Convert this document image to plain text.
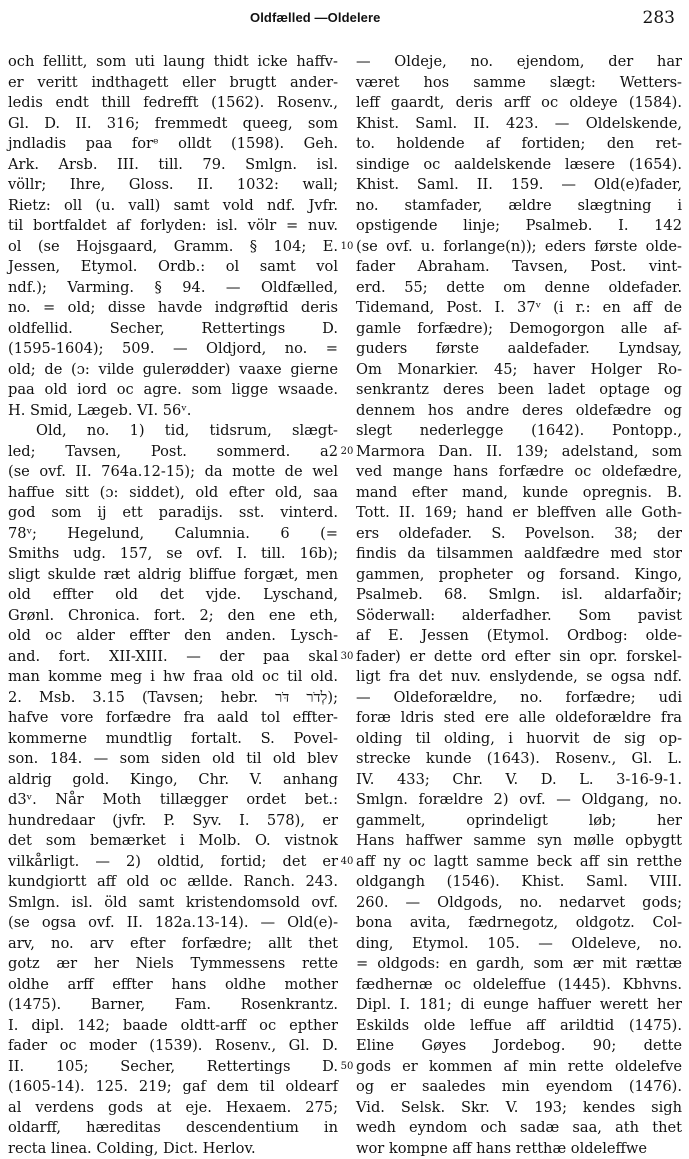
Oldfælled —Oldelere	283
och fellitt, som uti laung thidt icke haffv-
er veritt indthagett eller brugtt ander-
ledis endt thill fedrefft (1562). Rosenv.,
Gl. D. II. 316; fremmedt queeg, som
jndladis paa forᵉ olldt (1598). Geh.
Ark. Arsb. III. till. 79. Smlgn. isl.
völlr; Ihre, Gloss. II. 1032: wall;
Rietz: oll (u. vall) samt vold ndf. Jvfr.
til bortfaldet af forlyden: isl. völr = nuv.
ol (se Hojsgaard, Gramm. § 104; E.
Jessen, Etymol. Ordb.: ol samt vol
ndf.); Varming. § 94. — Oldfælled,
no. = old; disse havde indgrøftid deris
oldfellid. Secher, Rettertings D.
(1595-1604); 509. — Oldjord, no. =
old; de (ɔ: vilde gulerødder) vaaxe gierne
paa old iord oc agre. som ligge wsaade.
H. Smid, Lægeb. VI. 56ᵛ.
Old, no. 1) tid, tidsrum, slægt-
led; Tavsen, Post. sommerd. a2
(se ovf. II. 764a.12-15); da motte de wel
haffue sitt (ɔ: siddet), old efter old, saa
god som ij ett paradijs. sst. vinterd.
78ᵛ; Hegelund, Calumnia. 6 (=
Smiths udg. 157, se ovf. I. till. 16b);
sligt skulde ræt aldrig bliffue forgæt, men
old effter old det vjde. Lyschand,
Grønl. Chronica. fort. 2; den ene eth,
old oc alder effter den anden. Lysch-
and. fort. XII-XIII. — der paa skal
man komme meg i hw fraa old oc til old.
2. Msb. 3.15 (Tavsen; hebr. לְדֹר דֹּר);
hafve vore forfædre fra aald tol effter-
kommerne mundtlig fortalt. S. Povel-
son. 184. — som siden old til old blev
aldrig gold. Kingo, Chr. V. anhang
d3ᵛ. Når Moth tillægger ordet bet.:
hundredaar (jvfr. P. Syv. I. 578), er
det som bemærket i Molb. O. vistnok
vilkårligt. — 2) oldtid, fortid; det er
kundgiortt aff old oc ællde. Ranch. 243.
Smlgn. isl. öld samt kristendomsold ovf.
(se ogsa ovf. II. 182a.13-14). — Old(e)-
arv, no. arv efter forfædre; allt thet
gotz ær her Niels Tymmessens rette
oldhe arff effter hans oldhe mother
(1475). Barner, Fam. Rosenkrantz.
I. dipl. 142; baade oldtt-arff oc epther
fader oc moder (1539). Rosenv., Gl. D.
II. 105; Secher, Rettertings D.
(1605-14). 125. 219; gaf dem til oldearf
al verdens gods at eje. Hexaem. 275;
oldarff, hæreditas descendentium in
recta linea. Colding, Dict. Herlov.
10
20
30
40
50
— Oldeje, no. ejendom, der har
været hos samme slægt: Wetters-
leff gaardt, deris arff oc oldeye (1584).
Khist. Saml. II. 423. — Oldelskende,
to. holdende af fortiden; den ret-
sindige oc aaldelskende læsere (1654).
Khist. Saml. II. 159. — Old(e)fader,
no. stamfader, ældre slægtning i
opstigende linje; Psalmeb. I. 142
(se ovf. u. forlange(n)); eders første olde-
fader Abraham. Tavsen, Post. vint-
erd. 55; dette om denne oldefader.
Tidemand, Post. I. 37ᵛ (i r.: en aff de
gamle forfædre); Demogorgon alle af-
guders første aaldefader. Lyndsay,
Om Monarkier. 45; haver Holger Ro-
senkrantz deres been ladet optage og
dennem hos andre deres oldefædre og
slegt nederlegge (1642). Pontopp.,
Marmora Dan. II. 139; adelstand, som
ved mange hans forfædre oc oldefædre,
mand efter mand, kunde opregnis. B.
Tott. II. 169; hand er bleffven alle Goth-
ers oldefader. S. Povelson. 38; der
findis da tilsammen aaldfædre med stor
gammen, propheter og forsand. Kingo,
Psalmeb. 68. Smlgn. isl. aldarfaðir;
Söderwall: alderfadher. Som pavist
af E. Jessen (Etymol. Ordbog: olde-
fader) er dette ord efter sin opr. forskel-
ligt fra det nuv. enslydende, se ogsa ndf.
— Oldeforældre, no. forfædre; udi
foræ ldris sted ere alle oldeforældre fra
olding til olding, i huorvit de sig op-
strecke kunde (1643). Rosenv., Gl. L.
IV. 433; Chr. V. D. L. 3-16-9-1.
Smlgn. forældre 2) ovf. — Oldgang, no.
gammelt, oprindeligt løb; her
Hans haffwer samme syn mølle opbygtt
aff ny oc lagtt samme beck aff sin retthe
oldgangh (1546). Khist. Saml. VIII.
260. — Oldgods, no. nedarvet gods;
bona avita, fædrnegotz, oldgotz. Col-
ding, Etymol. 105. — Oldeleve, no.
= oldgods: en gardh, som ær mit rættæ
fædhernæ oc oldeleffue (1445). Kbhvns.
Dipl. I. 181; di eunge haffuer werett her
Eskilds olde leffue aff arildtid (1475).
Eline Gøyes Jordebog. 90; dette
gods er kommen af min rette oldelefve
og er saaledes min eyendom (1476).
Vid. Selsk. Skr. V. 193; kendes sigh
wedh eyndom och sadæ saa, ath thet
wor kompne aff hans retthæ oldeleffwe
